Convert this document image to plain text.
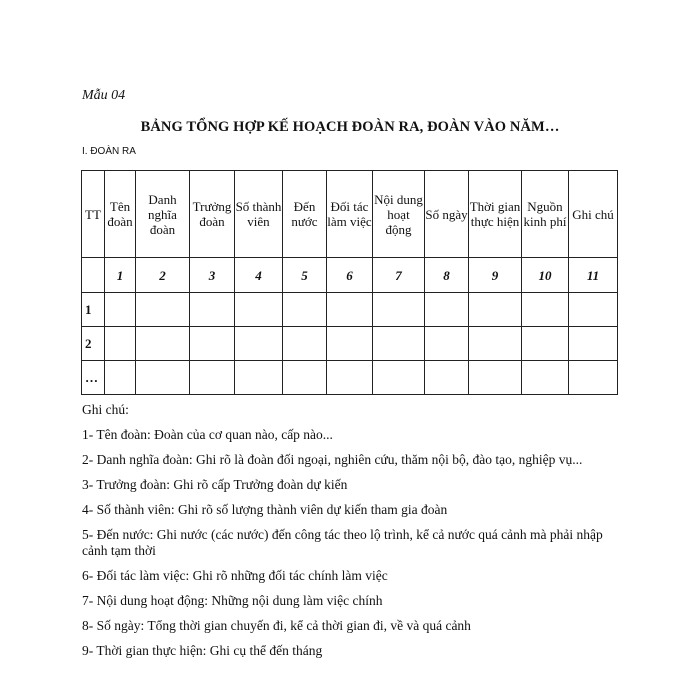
Mẫu 04
BẢNG TỔNG HỢP KẾ HOẠCH ĐOÀN RA, ĐOÀN VÀO NĂM…
I. ĐOÀN RA
TT	Tên đoàn	Danh nghĩa đoàn	Trưởng đoàn	Số thành viên	Đến nước	Đối tác làm việc	Nội dung hoạt động	Số ngày	Thời gian thực hiện	Nguồn kinh phí	Ghi chú
	1	2	3	4	5	6	7	8	9	10	11
1											
2											
…											
Ghi chú:
1- Tên đoàn: Đoàn của cơ quan nào, cấp nào...
2- Danh nghĩa đoàn: Ghi rõ là đoàn đối ngoại, nghiên cứu, thăm nội bộ, đào tạo, nghiệp vụ...
3- Trưởng đoàn: Ghi rõ cấp Trưởng đoàn dự kiến
4- Số thành viên: Ghi rõ số lượng thành viên dự kiến tham gia đoàn
5- Đến nước: Ghi nước (các nước) đến công tác theo lộ trình, kể cả nước quá cảnh mà phải nhập cảnh tạm thời
6- Đối tác làm việc: Ghi rõ những đối tác chính làm việc
7- Nội dung hoạt động: Những nội dung làm việc chính
8- Số ngày: Tổng thời gian chuyến đi, kể cả thời gian đi, về và quá cảnh
9- Thời gian thực hiện: Ghi cụ thể đến tháng
